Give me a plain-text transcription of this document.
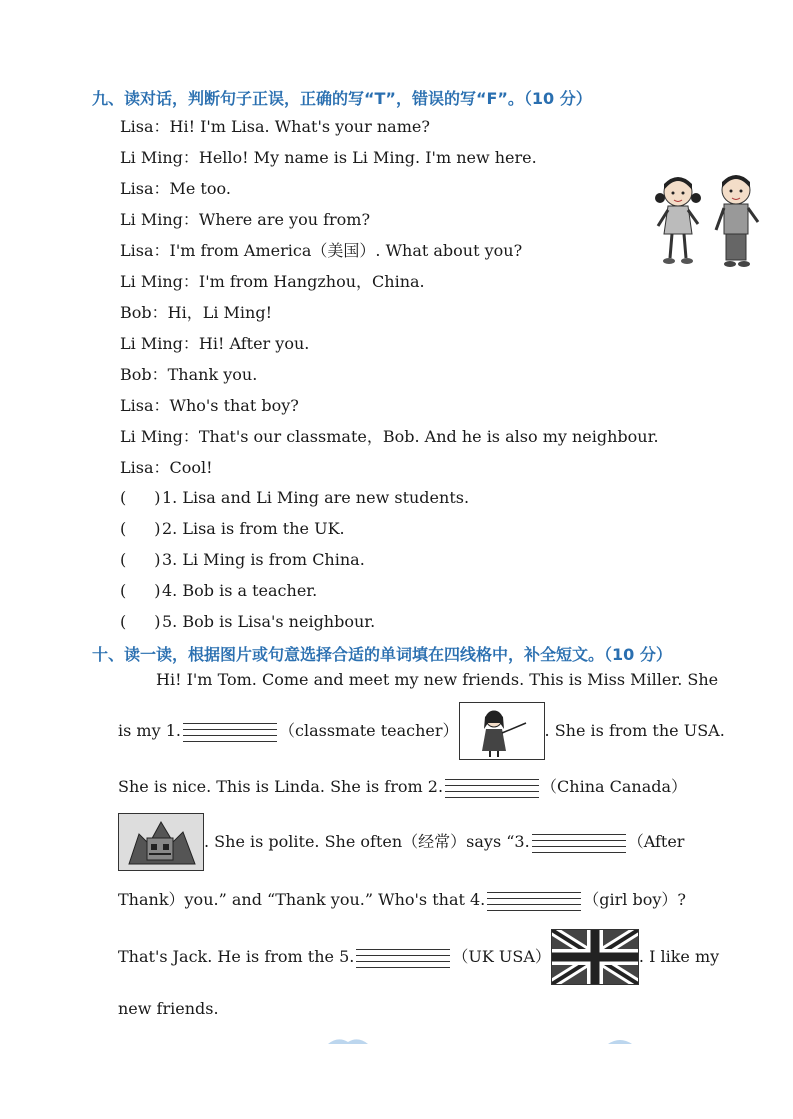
九、读对话，判断句子正误，正确的写“T”，错误的写“F”。（10 分）
Lisa：Hi! I'm Lisa. What's your name?
Li Ming：Hello! My name is Li Ming. I'm new here.
Lisa：Me too.
Li Ming：Where are you from?
Lisa：I'm from America（美国）. What about you?
Li Ming：I'm from Hangzhou，China.
Bob：Hi，Li Ming!
Li Ming：Hi! After you.
Bob：Thank you.
Lisa：Who's that boy?
Li Ming：That's our classmate，Bob. And he is also my neighbour.
Lisa：Cool!
( )1. Lisa and Li Ming are new students.
( )2. Lisa is from the UK.
( )3. Li Ming is from China.
( )4. Bob is a teacher.
( )5. Bob is Lisa's neighbour.
十、读一读，根据图片或句意选择合适的单词填在四线格中，补全短文。（10 分）
Hi! I'm Tom. Come and meet my new friends. This is Miss Miller. She
is my 1.	（classmate teacher）	. She is from the USA.
She is nice. This is Linda. She is from 2.	（China Canada）
. She is polite. She often（经常）says “3.	（After
Thank）you.” and “Thank you.” Who's that 4.	（girl boy）?
That's Jack. He is from the 5.	（UK USA）	. I like my
new friends.
